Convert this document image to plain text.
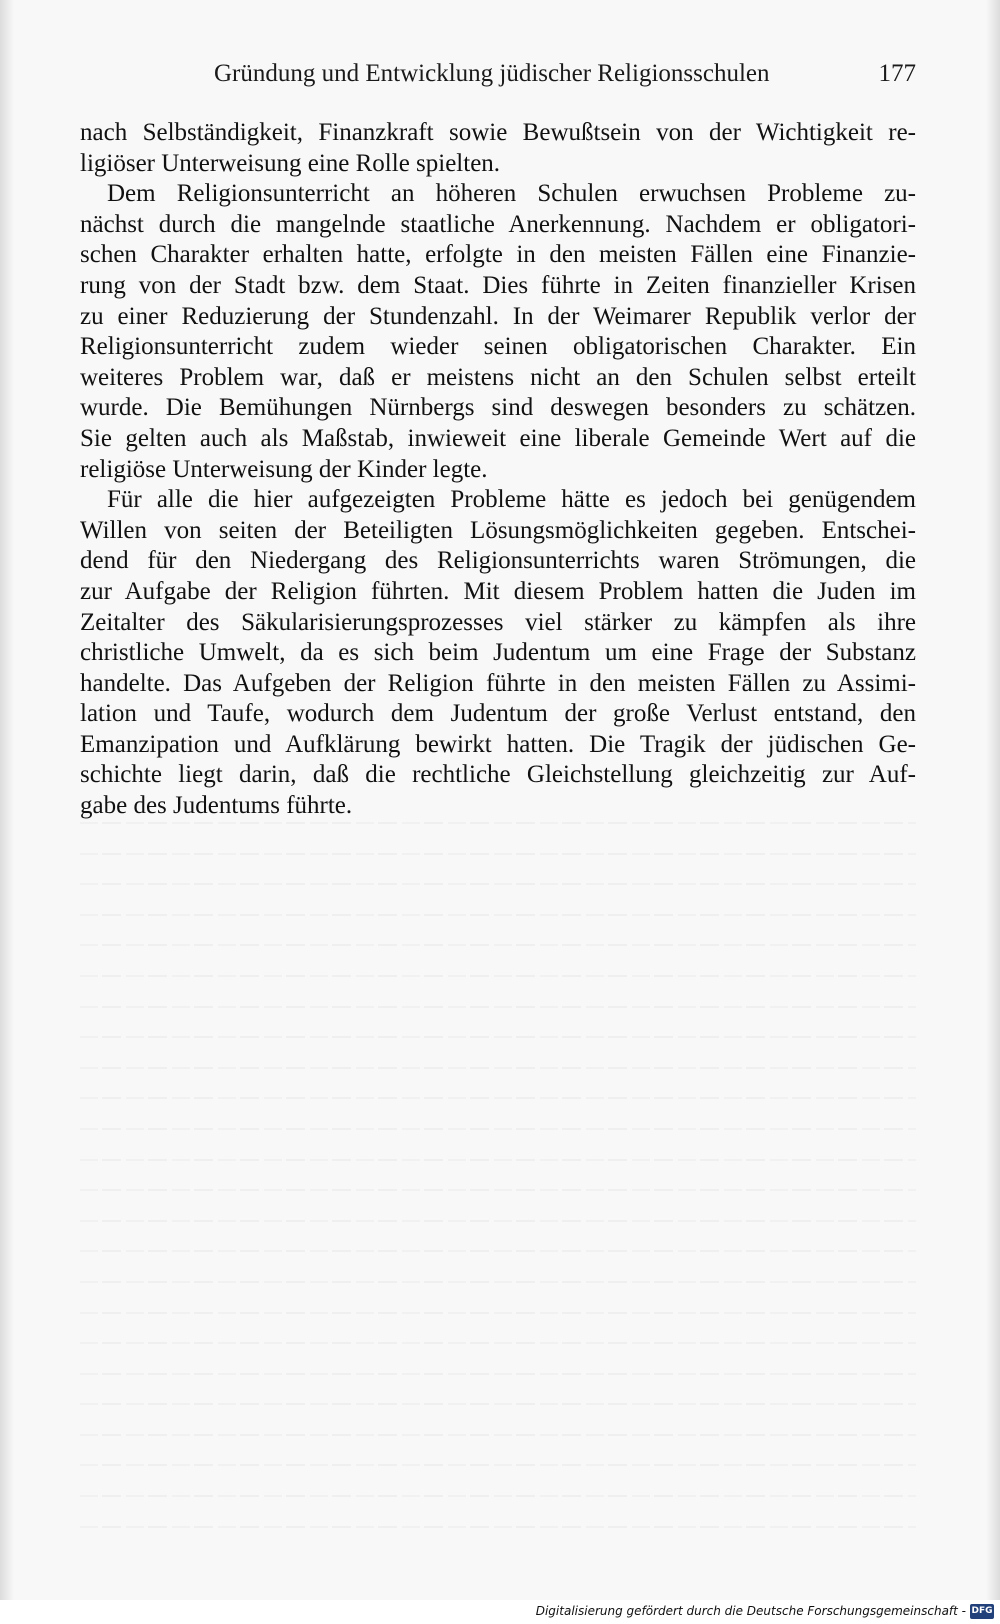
Gründung und Entwicklung jüdischer Religionsschulen	177
nach Selbständigkeit, Finanzkraft sowie Bewußtsein von der Wichtigkeit re-
ligiöser Unterweisung eine Rolle spielten.
Dem Religionsunterricht an höheren Schulen erwuchsen Probleme zu-
nächst durch die mangelnde staatliche Anerkennung. Nachdem er obligatori-
schen Charakter erhalten hatte, erfolgte in den meisten Fällen eine Finanzie-
rung von der Stadt bzw. dem Staat. Dies führte in Zeiten finanzieller Krisen
zu einer Reduzierung der Stundenzahl. In der Weimarer Republik verlor der
Religionsunterricht zudem wieder seinen obligatorischen Charakter. Ein
weiteres Problem war, daß er meistens nicht an den Schulen selbst erteilt
wurde. Die Bemühungen Nürnbergs sind deswegen besonders zu schätzen.
Sie gelten auch als Maßstab, inwieweit eine liberale Gemeinde Wert auf die
religiöse Unterweisung der Kinder legte.
Für alle die hier aufgezeigten Probleme hätte es jedoch bei genügendem
Willen von seiten der Beteiligten Lösungsmöglichkeiten gegeben. Entschei-
dend für den Niedergang des Religionsunterrichts waren Strömungen, die
zur Aufgabe der Religion führten. Mit diesem Problem hatten die Juden im
Zeitalter des Säkularisierungsprozesses viel stärker zu kämpfen als ihre
christliche Umwelt, da es sich beim Judentum um eine Frage der Substanz
handelte. Das Aufgeben der Religion führte in den meisten Fällen zu Assimi-
lation und Taufe, wodurch dem Judentum der große Verlust entstand, den
Emanzipation und Aufklärung bewirkt hatten. Die Tragik der jüdischen Ge-
schichte liegt darin, daß die rechtliche Gleichstellung gleichzeitig zur Auf-
gabe des Judentums führte.
Digitalisierung gefördert durch die Deutsche Forschungsgemeinschaft - DFG
